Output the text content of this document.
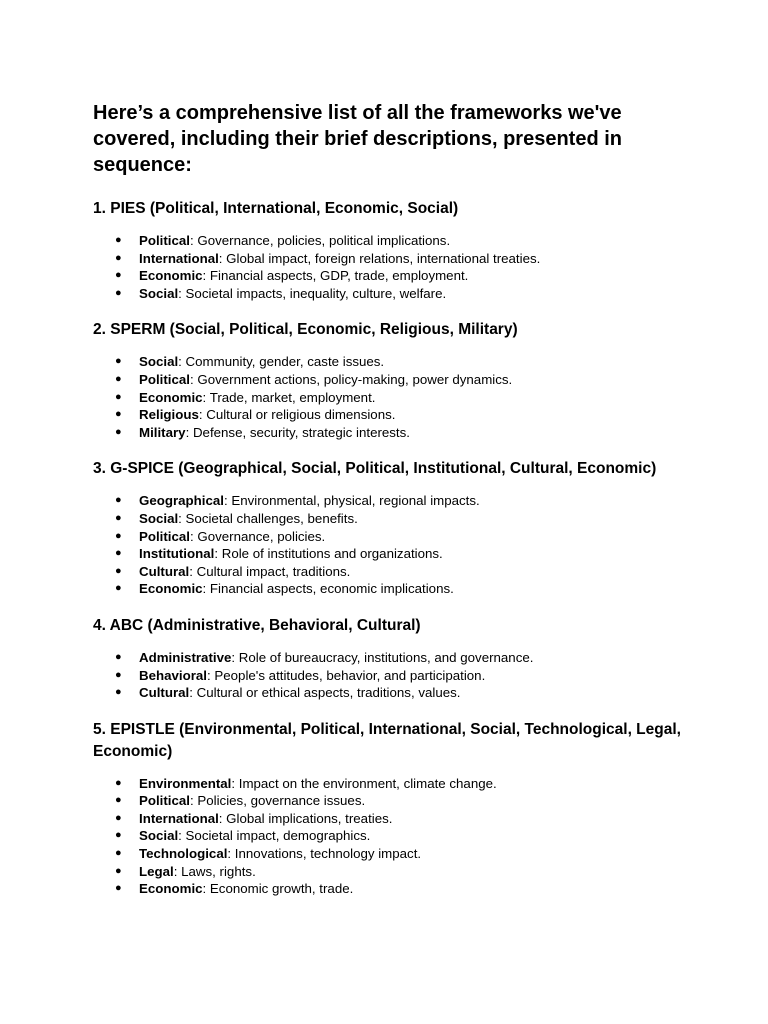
Here’s a comprehensive list of all the frameworks we've covered, including their brief descriptions, presented in sequence:
1. PIES (Political, International, Economic, Social)
● Political: Governance, policies, political implications.
● International: Global impact, foreign relations, international treaties.
● Economic: Financial aspects, GDP, trade, employment.
● Social: Societal impacts, inequality, culture, welfare.
2. SPERM (Social, Political, Economic, Religious, Military)
● Social: Community, gender, caste issues.
● Political: Government actions, policy-making, power dynamics.
● Economic: Trade, market, employment.
● Religious: Cultural or religious dimensions.
● Military: Defense, security, strategic interests.
3. G-SPICE (Geographical, Social, Political, Institutional, Cultural, Economic)
● Geographical: Environmental, physical, regional impacts.
● Social: Societal challenges, benefits.
● Political: Governance, policies.
● Institutional: Role of institutions and organizations.
● Cultural: Cultural impact, traditions.
● Economic: Financial aspects, economic implications.
4. ABC (Administrative, Behavioral, Cultural)
● Administrative: Role of bureaucracy, institutions, and governance.
● Behavioral: People's attitudes, behavior, and participation.
● Cultural: Cultural or ethical aspects, traditions, values.
5. EPISTLE (Environmental, Political, International, Social, Technological, Legal, Economic)
● Environmental: Impact on the environment, climate change.
● Political: Policies, governance issues.
● International: Global implications, treaties.
● Social: Societal impact, demographics.
● Technological: Innovations, technology impact.
● Legal: Laws, rights.
● Economic: Economic growth, trade.
